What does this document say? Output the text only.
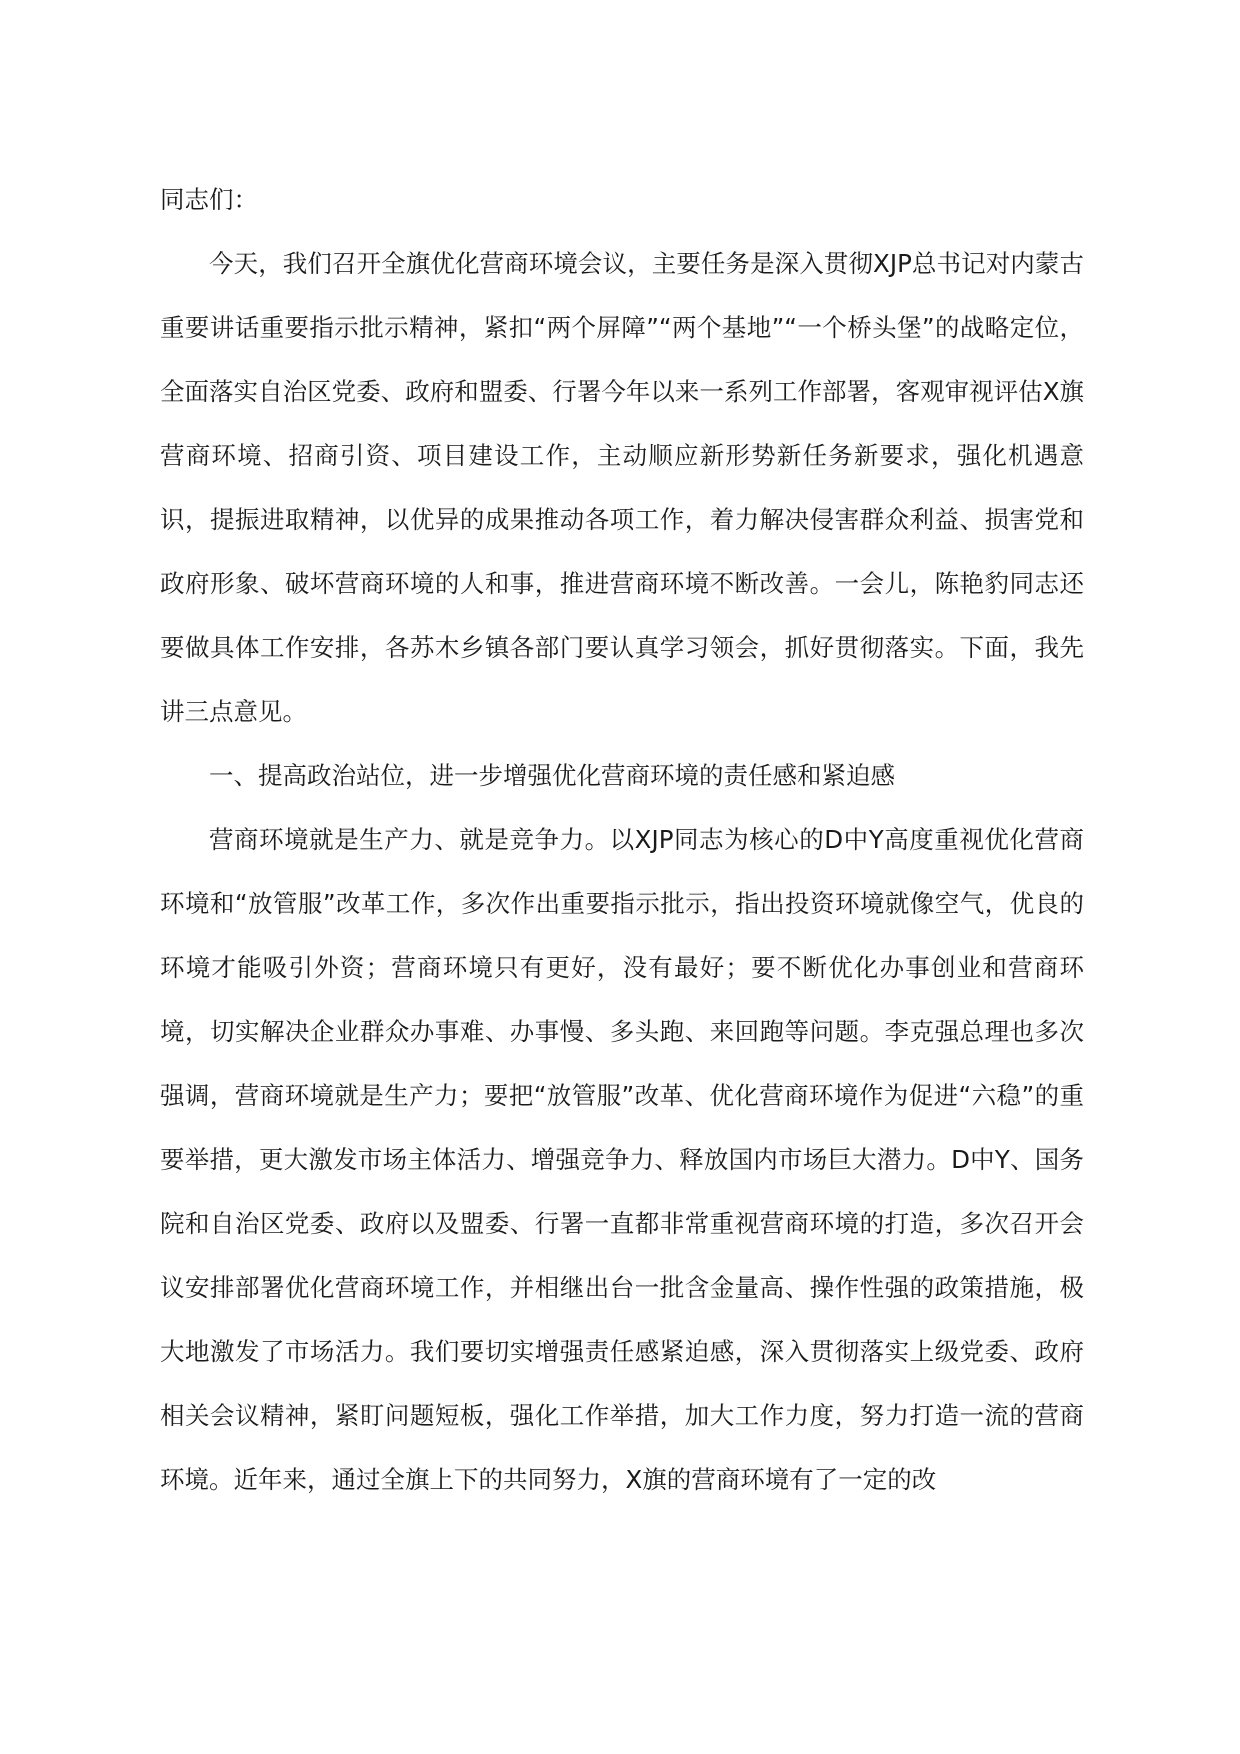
同志们：

今天，我们召开全旗优化营商环境会议，主要任务是深入贯彻XJP总书记对内蒙古重要讲话重要指示批示精神，紧扣“两个屏障”“两个基地”“一个桥头堡”的战略定位，全面落实自治区党委、政府和盟委、行署今年以来一系列工作部署，客观审视评估X旗营商环境、招商引资、项目建设工作，主动顺应新形势新任务新要求，强化机遇意识，提振进取精神，以优异的成果推动各项工作，着力解决侵害群众利益、损害党和政府形象、破坏营商环境的人和事，推进营商环境不断改善。一会儿，陈艳豹同志还要做具体工作安排，各苏木乡镇各部门要认真学习领会，抓好贯彻落实。下面，我先讲三点意见。

一、提高政治站位，进一步增强优化营商环境的责任感和紧迫感

营商环境就是生产力、就是竞争力。以XJP同志为核心的D中Y高度重视优化营商环境和“放管服”改革工作，多次作出重要指示批示，指出投资环境就像空气，优良的环境才能吸引外资；营商环境只有更好，没有最好；要不断优化办事创业和营商环境，切实解决企业群众办事难、办事慢、多头跑、来回跑等问题。李克强总理也多次强调，营商环境就是生产力；要把“放管服”改革、优化营商环境作为促进“六稳”的重要举措，更大激发市场主体活力、增强竞争力、释放国内市场巨大潜力。D中Y、国务院和自治区党委、政府以及盟委、行署一直都非常重视营商环境的打造，多次召开会议安排部署优化营商环境工作，并相继出台一批含金量高、操作性强的政策措施，极大地激发了市场活力。我们要切实增强责任感紧迫感，深入贯彻落实上级党委、政府相关会议精神，紧盯问题短板，强化工作举措，加大工作力度，努力打造一流的营商环境。近年来，通过全旗上下的共同努力，X旗的营商环境有了一定的改
